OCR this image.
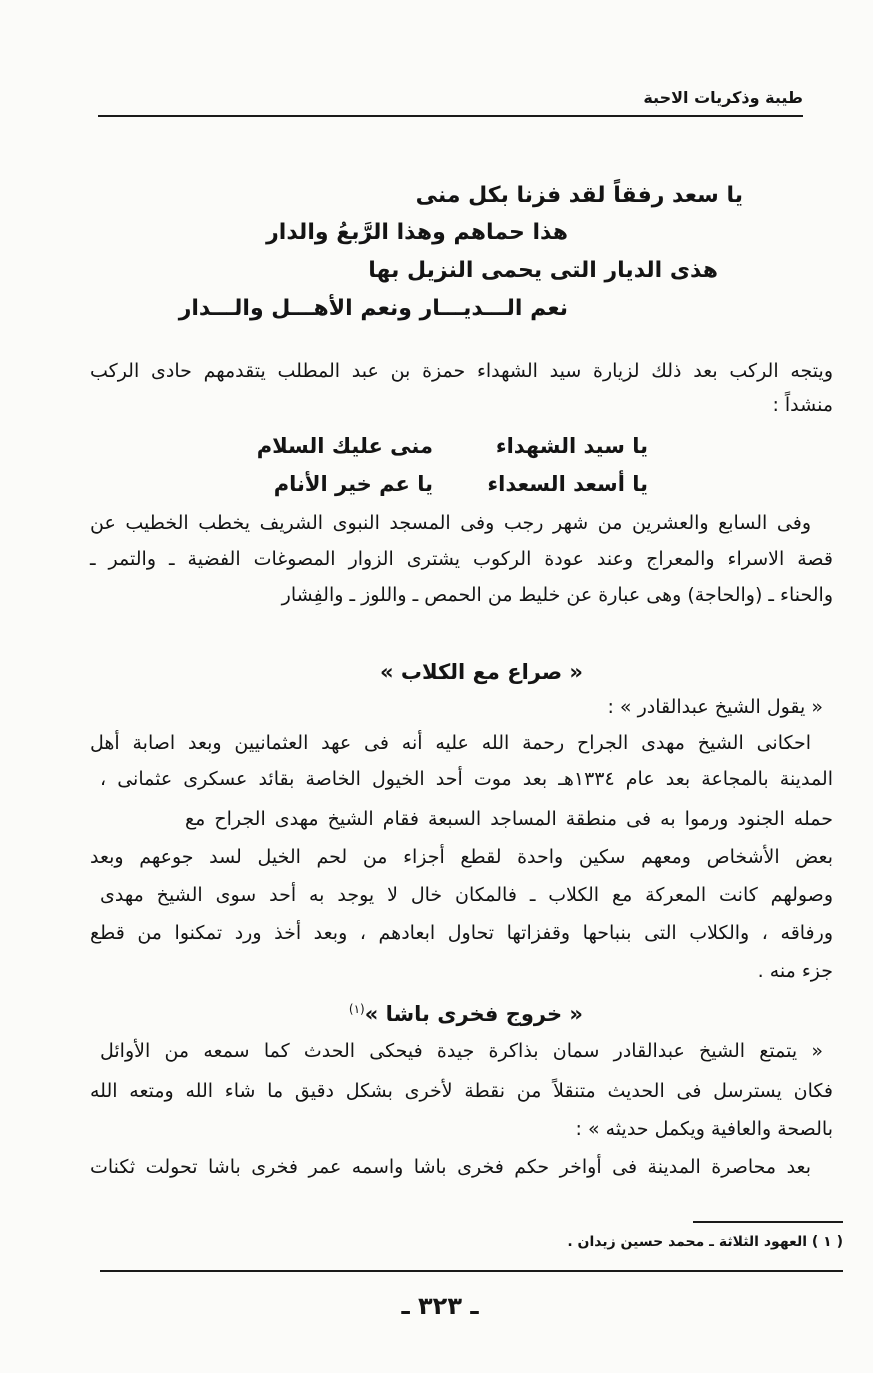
طيبة وذكريات الاحبة
يا سعد رفقاً لقد فزنا بكل منى
هذا حماهم وهذا الرَّبعُ والدار
هذى الديار التى يحمى النزيل بها
نعم الـــديـــار ونعم الأهـــل والـــدار
ويتجه الركب بعد ذلك لزيارة سيد الشهداء حمزة بن عبد المطلب يتقدمهم حادى الركب
منشداً :
يا سيد الشهداء
منى عليك السلام
يا أسعد السعداء
يا عم خير الأنام
وفى السابع والعشرين من شهر رجب وفى المسجد النبوى الشريف يخطب الخطيب عن
قصة الاسراء والمعراج وعند عودة الركوب يشترى الزوار المصوغات الفضية ـ والتمر ـ
والحناء ـ (والحاجة) وهى عبارة عن خليط من الحمص ـ واللوز ـ والفِشار
« صراع مع الكلاب »
« يقول الشيخ عبدالقادر » :
احكانى الشيخ مهدى الجراح رحمة الله عليه أنه فى عهد العثمانيين وبعد اصابة أهل
المدينة بالمجاعة بعد عام ١٣٣٤هـ بعد موت أحد الخيول الخاصة بقائد عسكرى عثمانى ،
حمله الجنود ورموا به فى منطقة المساجد السبعة فقام الشيخ مهدى الجراح مع
بعض الأشخاص ومعهم سكين واحدة لقطع أجزاء من لحم الخيل لسد جوعهم وبعد
وصولهم كانت المعركة مع الكلاب ـ فالمكان خال لا يوجد به أحد سوى الشيخ مهدى
ورفاقه ، والكلاب التى بنباحها وقفزاتها تحاول ابعادهم ، وبعد أخذ ورد تمكنوا من قطع
جزء منه .
« خروج فخرى باشا »$^{(١)}$
« يتمتع الشيخ عبدالقادر سمان بذاكرة جيدة فيحكى الحدث كما سمعه من الأوائل
فكان يسترسل فى الحديث متنقلاً من نقطة لأخرى بشكل دقيق ما شاء الله ومتعه الله
بالصحة والعافية ويكمل حديثه » :
بعد محاصرة المدينة فى أواخر حكم فخرى باشا واسمه عمر فخرى باشا تحولت ثكنات
( ١ ) العهود الثلاثة ـ محمد حسين زيدان .
ـ ٣٢٣ ـ
